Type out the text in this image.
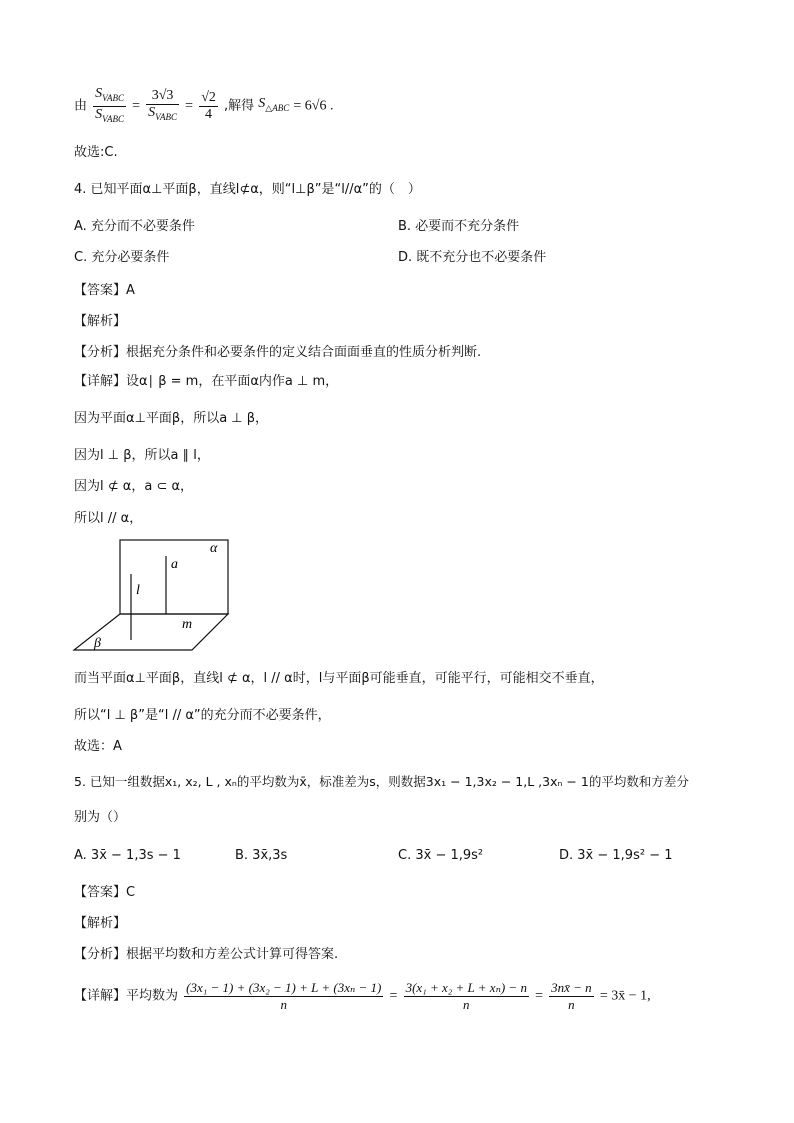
由 $\frac{S_{VABC}}{S_{VABC}} = \frac{3√3}{S_{VABC}} = \frac{√2}{4}$ ,解得 $S_{\triangle ABC} = 6√6$ .
故选:C.
4. 已知平面α⊥平面β，直线l⊄α，则“l⊥β”是“l//α”的（　）
A. 充分而不必要条件	B. 必要而不充分条件
C. 充分必要条件	D. 既不充分也不必要条件
【答案】A
【解析】
【分析】根据充分条件和必要条件的定义结合面面垂直的性质分析判断.
【详解】设α∣ β = m，在平面α内作a ⊥ m，
因为平面α⊥平面β，所以a ⊥ β，
因为l ⊥ β，所以a ∥ l，
因为l ⊄ α，a ⊂ α，
所以l // α，
α
a
l
m
β
而当平面α⊥平面β，直线l ⊄ α，l // α时，l与平面β可能垂直，可能平行，可能相交不垂直，
所以“l ⊥ β”是“l // α”的充分而不必要条件，
故选：A
5. 已知一组数据x₁, x₂, L , xₙ的平均数为x̄，标准差为s，则数据3x₁ − 1,3x₂ − 1,L ,3xₙ − 1的平均数和方差分
别为（）
A. 3x̄ − 1,3s − 1	B. 3x̄,3s	C. 3x̄ − 1,9s²	D. 3x̄ − 1,9s² − 1
【答案】C
【解析】
【分析】根据平均数和方差公式计算可得答案.
【详解】平均数为 $\frac{\text{(3x₁ − 1) + (3x₂ − 1) + L + (3xₙ − 1)}}{n} = \frac{\text{3(x₁ + x₂ + L + xₙ) − n}}{n} = \frac{3nx̄ - n}{n}$ = 3x̄ − 1,
